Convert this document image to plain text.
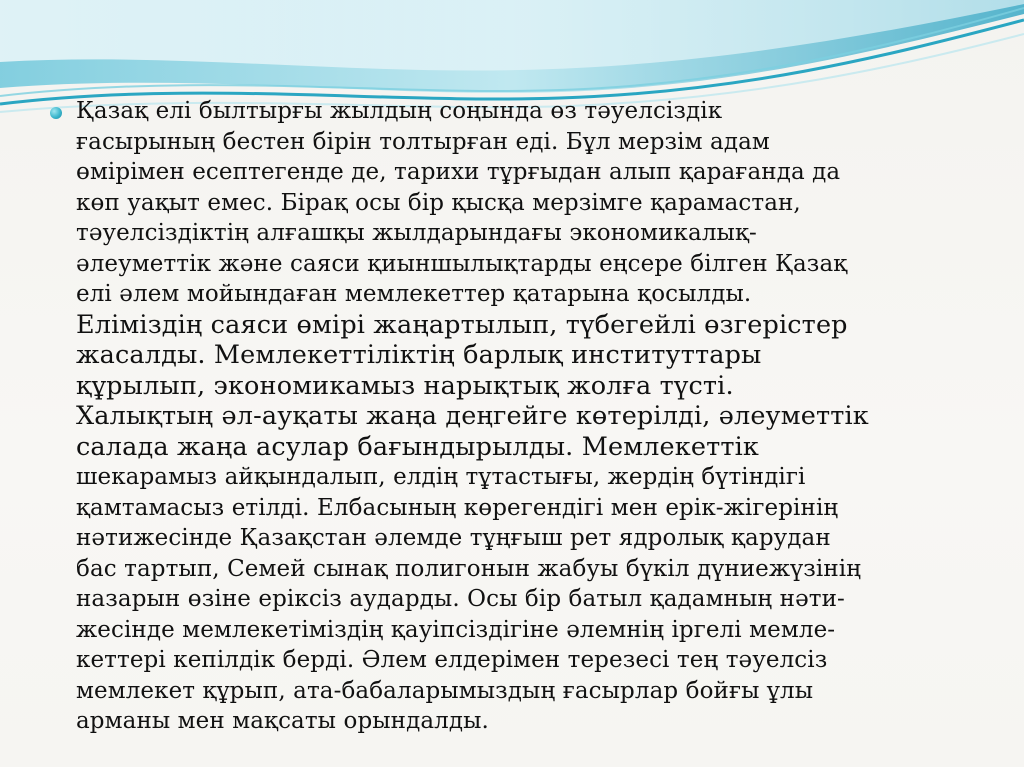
Қазақ елі былтырғы жылдың соңында өз тәуелсіздік
ғасырының бестен бірін толтырған еді. Бұл мерзім адам
өмірімен есептегенде де, тарихи тұрғыдан алып қарағанда да
көп уақыт емес. Бірақ осы бір қысқа мерзімге қарамастан,
тәуелсіздіктің алғашқы жылдарындағы экономикалық-
әлеуметтік және саяси қиыншылықтарды еңсере білген Қазақ
елі әлем мойындаған мемлекеттер қатарына қосылды.
Еліміздің саяси өмірі жаңартылып, түбегейлі өзгерістер
жасалды. Мемлекеттіліктің барлық институттары
құрылып, экономикамыз нарықтық жолға түсті.
Халықтың әл-ауқаты жаңа деңгейге көтерілді, әлеуметтік
салада жаңа асулар бағындырылды. Мемлекеттік
шекарамыз айқындалып, елдің тұтастығы, жердің бүтіндігі
қамтамасыз етілді. Елбасының көрегендігі мен ерік-жігерінің
нәтижесінде Қазақстан әлемде тұңғыш рет ядролық қарудан
бас тартып, Семей сынақ полигонын жабуы бүкіл дүниежүзінің
назарын өзіне еріксіз аударды. Осы бір батыл қадамның нәти-
жесінде мемлекетіміздің қауіпсіздігіне әлемнің іргелі мемле-
кеттері кепілдік берді. Әлем елдерімен терезесі тең тәуелсіз
мемлекет құрып, ата-бабаларымыздың ғасырлар бойғы ұлы
арманы мен мақсаты орындалды.
